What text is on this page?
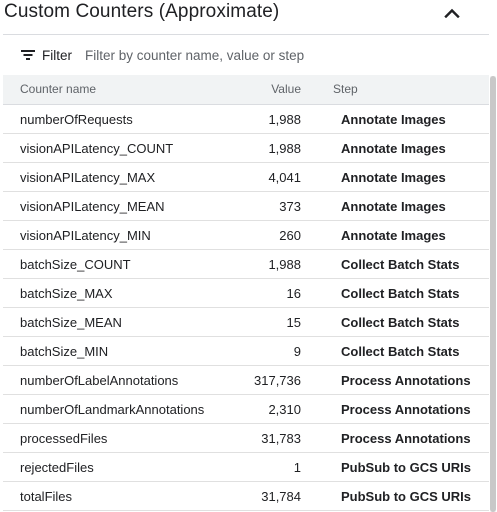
Custom Counters (Approximate)
Filter
Filter by counter name, value or step
Counter name	Value	Step
numberOfRequests	1,988	Annotate Images
visionAPILatency_COUNT	1,988	Annotate Images
visionAPILatency_MAX	4,041	Annotate Images
visionAPILatency_MEAN	373	Annotate Images
visionAPILatency_MIN	260	Annotate Images
batchSize_COUNT	1,988	Collect Batch Stats
batchSize_MAX	16	Collect Batch Stats
batchSize_MEAN	15	Collect Batch Stats
batchSize_MIN	9	Collect Batch Stats
numberOfLabelAnnotations	317,736	Process Annotations
numberOfLandmarkAnnotations	2,310	Process Annotations
processedFiles	31,783	Process Annotations
rejectedFiles	1	PubSub to GCS URIs
totalFiles	31,784	PubSub to GCS URIs
